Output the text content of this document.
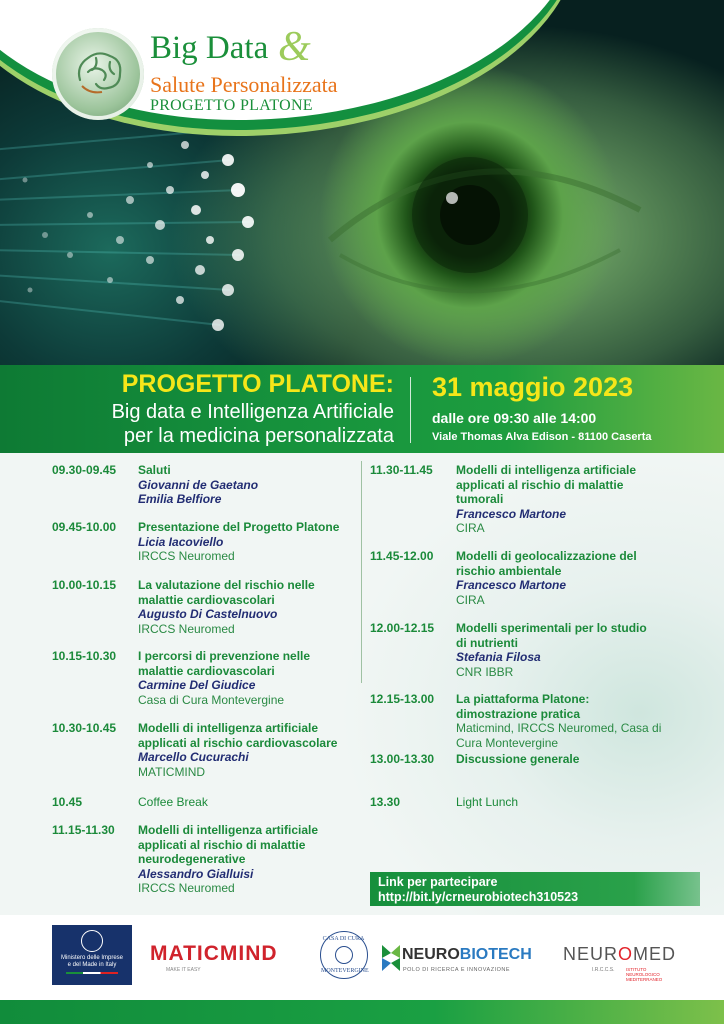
Big Data &
Salute Personalizzata
PROGETTO PLATONE
PROGETTO PLATONE:
Big data e Intelligenza Artificiale
per la medicina personalizzata
31 maggio 2023
dalle ore 09:30 alle 14:00
Viale Thomas Alva Edison - 81100 Caserta
09.30-09.45 Saluti
Giovanni de Gaetano
Emilia Belfiore
09.45-10.00 Presentazione del Progetto Platone
Licia Iacoviello
IRCCS Neuromed
10.00-10.15 La valutazione del rischio nelle
malattie cardiovascolari
Augusto Di Castelnuovo
IRCCS Neuromed
10.15-10.30 I percorsi di prevenzione nelle
malattie cardiovascolari
Carmine Del Giudice
Casa di Cura Montevergine
10.30-10.45 Modelli di intelligenza artificiale
applicati al rischio cardiovascolare
Marcello Cucurachi
MATICMIND
10.45	Coffee Break
11.15-11.30 Modelli di intelligenza artificiale
applicati al rischio di malattie
neurodegenerative
Alessandro Gialluisi
IRCCS Neuromed
11.30-11.45 Modelli di intelligenza artificiale
applicati al rischio di malattie
tumorali
Francesco Martone
CIRA
11.45-12.00 Modelli di geolocalizzazione del
rischio ambientale
Francesco Martone
CIRA
12.00-12.15 Modelli sperimentali per lo studio
di nutrienti
Stefania Filosa
CNR IBBR
12.15-13.00 La piattaforma Platone:
dimostrazione pratica
Maticmind, IRCCS Neuromed, Casa di
Cura Montevergine
13.00-13.30 Discussione generale
13.30	Light Lunch
Link per partecipare
http://bit.ly/crneurobiotech310523
Ministero delle Imprese
e del Made in Italy	MATICMIND
MAKE IT EASY
CASA DI CURA
MONTEVERGINE
NEUROBIOTECH
POLO DI RICERCA E INNOVAZIONE
NEUROMED
I.R.C.C.S.	ISTITUTO NEUROLOGICO MEDITERRANEO
